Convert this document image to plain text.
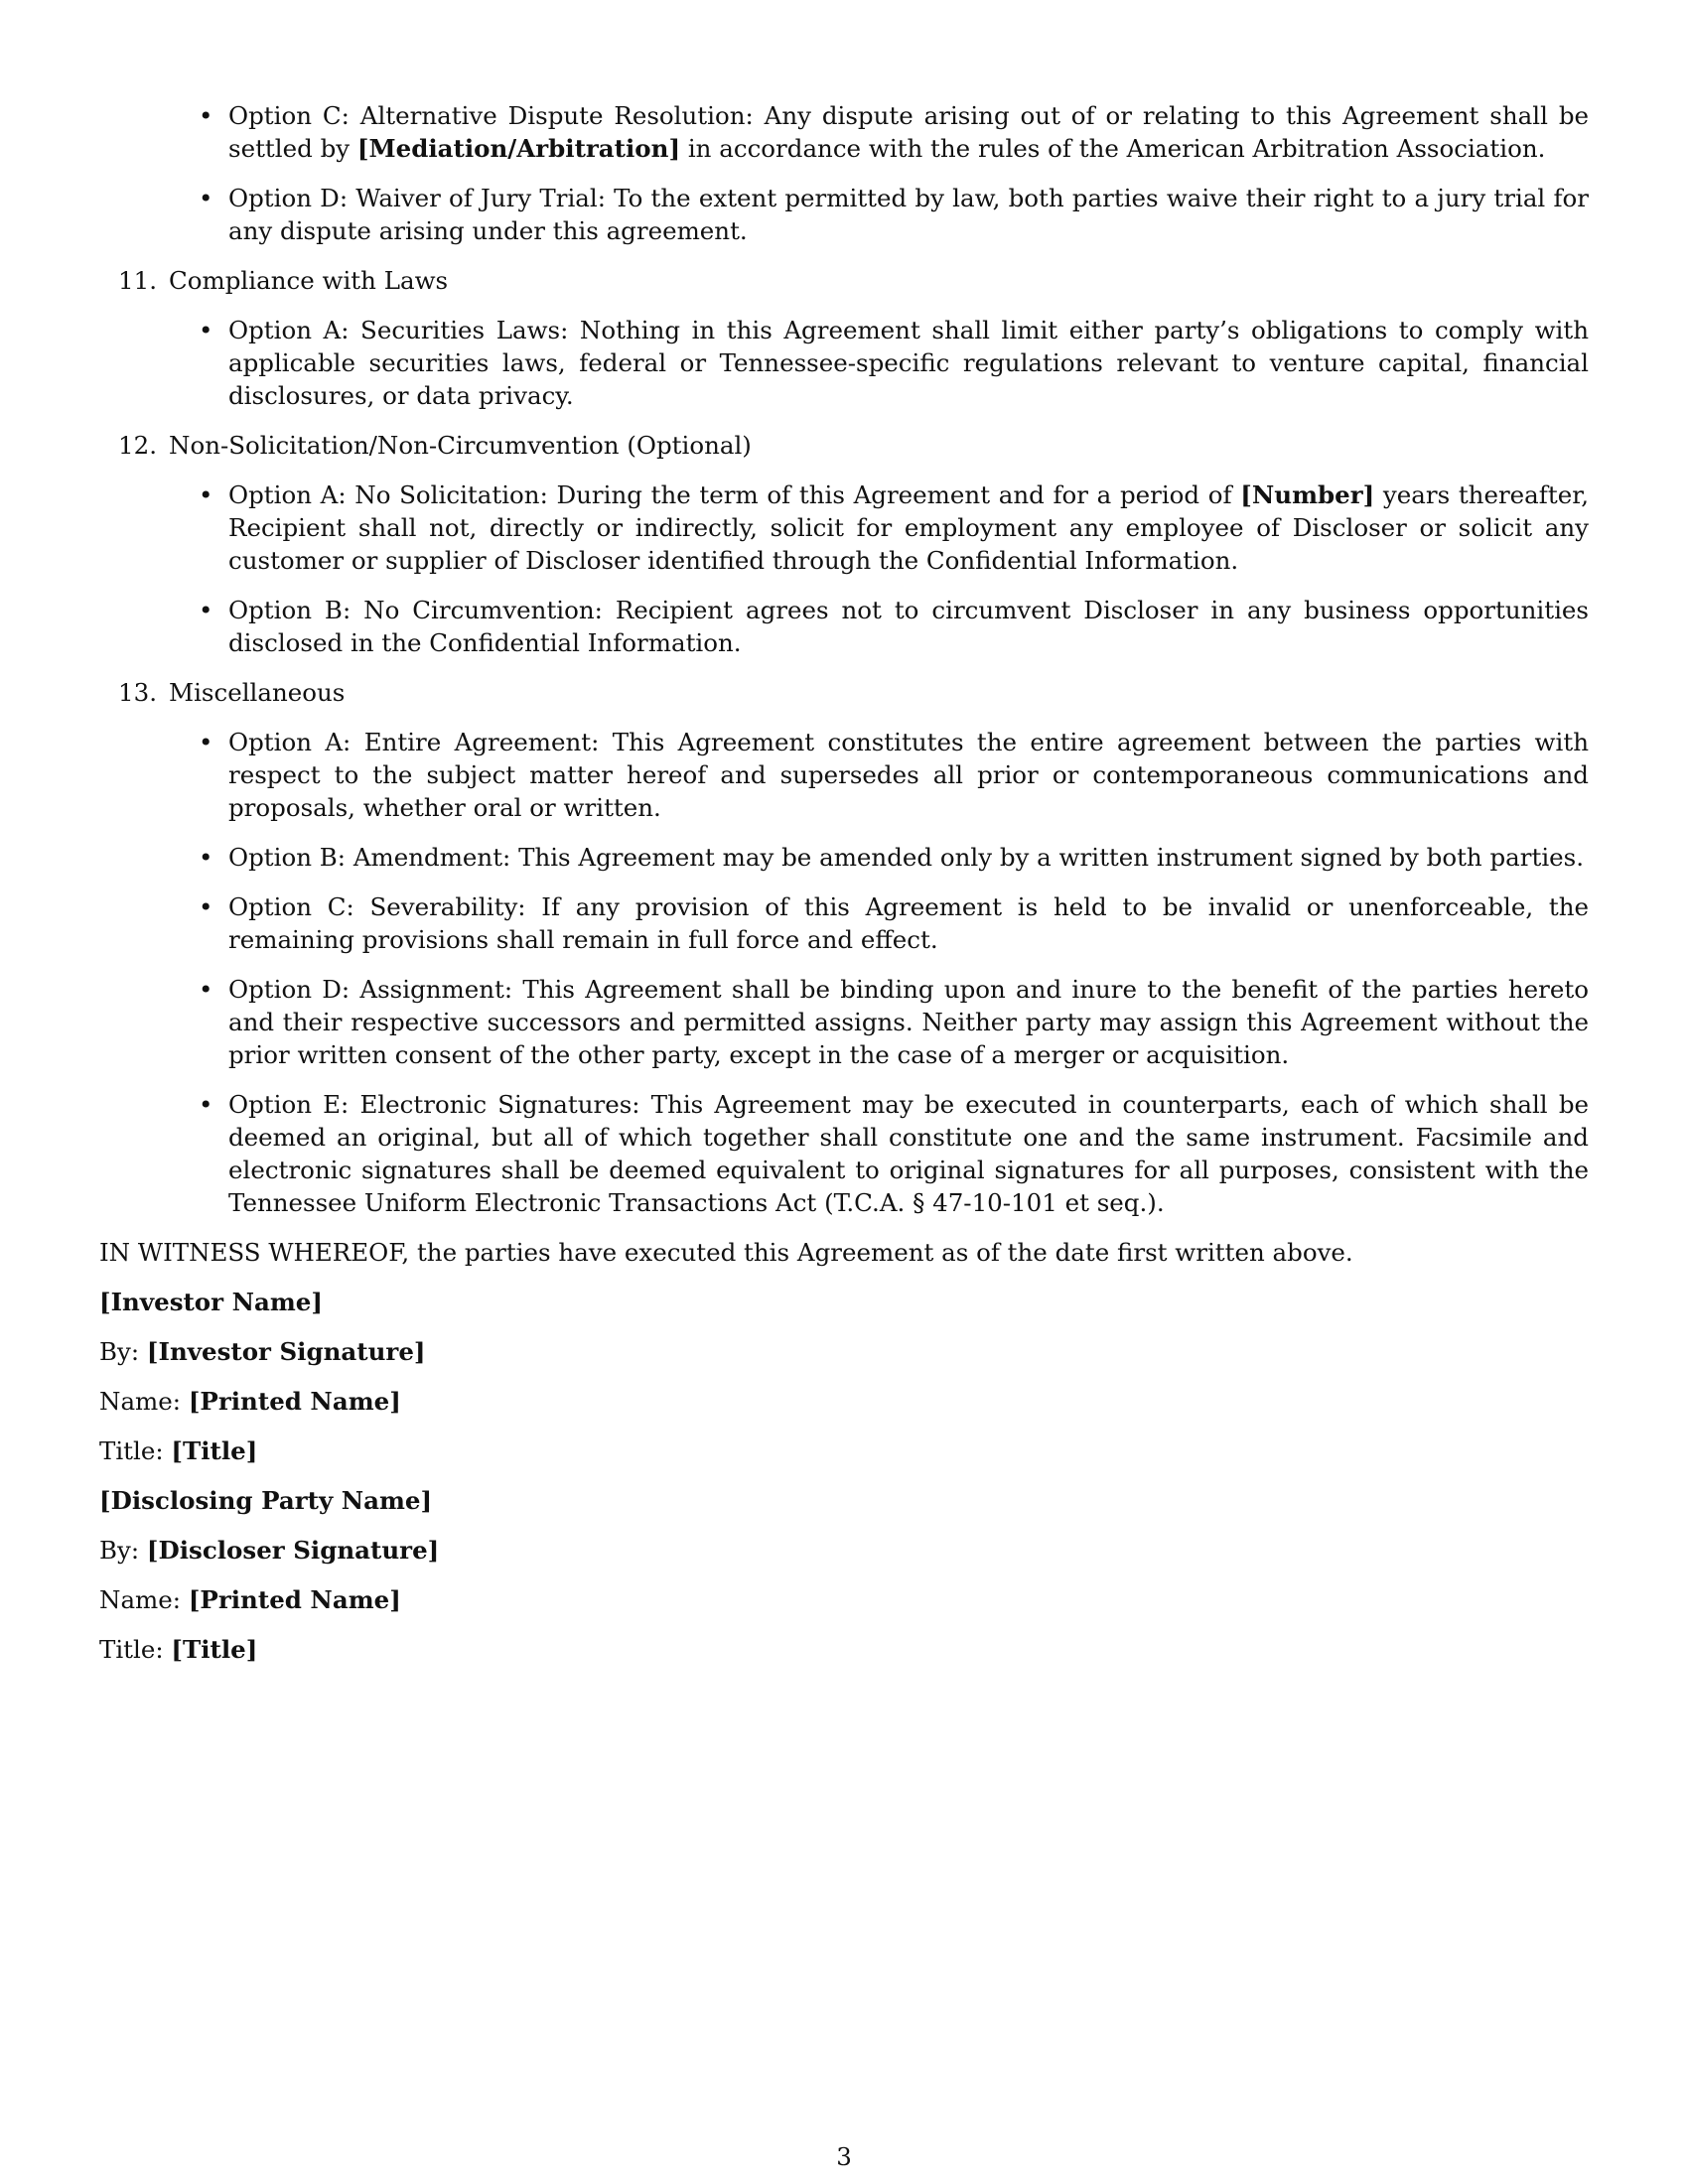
• Option C: Alternative Dispute Resolution: Any dispute arising out of or relating to this Agreement shall be settled by [Mediation/Arbitration] in accordance with the rules of the American Arbitration Association.
• Option D: Waiver of Jury Trial: To the extent permitted by law, both parties waive their right to a jury trial for any dispute arising under this agreement.
11. Compliance with Laws
• Option A: Securities Laws: Nothing in this Agreement shall limit either party’s obligations to comply with applicable securities laws, federal or Tennessee-specific regulations relevant to venture capital, financial disclosures, or data privacy.
12. Non-Solicitation/Non-Circumvention (Optional)
• Option A: No Solicitation: During the term of this Agreement and for a period of [Number] years thereafter, Recipient shall not, directly or indirectly, solicit for employment any employee of Discloser or solicit any customer or supplier of Discloser identified through the Confidential Information.
• Option B: No Circumvention: Recipient agrees not to circumvent Discloser in any business opportunities disclosed in the Confidential Information.
13. Miscellaneous
• Option A: Entire Agreement: This Agreement constitutes the entire agreement between the parties with respect to the subject matter hereof and supersedes all prior or contemporaneous communications and proposals, whether oral or written.
• Option B: Amendment: This Agreement may be amended only by a written instrument signed by both parties.
• Option C: Severability: If any provision of this Agreement is held to be invalid or unenforceable, the remaining provisions shall remain in full force and effect.
• Option D: Assignment: This Agreement shall be binding upon and inure to the benefit of the parties hereto and their respective successors and permitted assigns. Neither party may assign this Agreement without the prior written consent of the other party, except in the case of a merger or acquisition.
• Option E: Electronic Signatures: This Agreement may be executed in counterparts, each of which shall be deemed an original, but all of which together shall constitute one and the same instrument. Facsimile and electronic signatures shall be deemed equivalent to original signatures for all purposes, consistent with the Tennessee Uniform Electronic Transactions Act (T.C.A. § 47-10-101 et seq.).
IN WITNESS WHEREOF, the parties have executed this Agreement as of the date first written above.
[Investor Name]
By: [Investor Signature]
Name: [Printed Name]
Title: [Title]
[Disclosing Party Name]
By: [Discloser Signature]
Name: [Printed Name]
Title: [Title]
3
